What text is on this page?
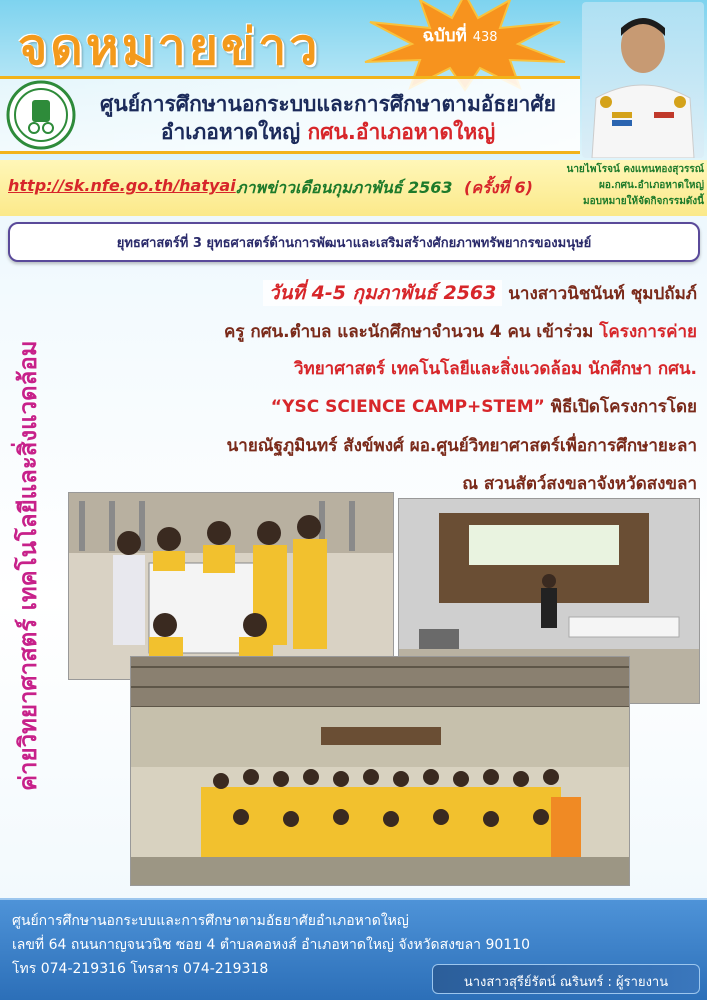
จดหมายข่าว	ฉบับที่ 438
ศูนย์การศึกษานอกระบบและการศึกษาตามอัธยาศัย
อำเภอหาดใหญ่ กศน.อำเภอหาดใหญ่
http://sk.nfe.go.th/hatyai ภาพข่าวเดือนกุมภาพันธ์ 2563 (ครั้งที่ 6)
นายไพโรจน์ คงแทนทองสุวรรณ์
ผอ.กศน.อำเภอหาดใหญ่
มอบหมายให้จัดกิจกรรมดังนี้
ยุทธศาสตร์ที่ 3 ยุทธศาสตร์ด้านการพัฒนาและเสริมสร้างศักยภาพทรัพยากรของมนุษย์
ค่ายวิทยาศาสตร์ เทคโนโลยีและสิ่งแวดล้อม
วันที่ 4-5 กุมภาพันธ์ 2563 นางสาวนิชนันท์ ชุมปถัมภ์
ครู กศน.ตำบล และนักศึกษาจำนวน 4 คน เข้าร่วม โครงการค่าย
วิทยาศาสตร์ เทคโนโลยีและสิ่งแวดล้อม นักศึกษา กศน.
“YSC SCIENCE CAMP+STEM” พิธีเปิดโครงการโดย
นายณัฐภูมินทร์ สังข์พงศ์ ผอ.ศูนย์วิทยาศาสตร์เพื่อการศึกษายะลา
ณ สวนสัตว์สงขลาจังหวัดสงขลา
ศูนย์การศึกษานอกระบบและการศึกษาตามอัธยาศัยอำเภอหาดใหญ่
เลขที่ 64 ถนนกาญจนวนิช ซอย 4 ตำบลคอหงส์ อำเภอหาดใหญ่ จังหวัดสงขลา 90110
โทร 074-219316 โทรสาร 074-219318
นางสาวสุรีย์รัตน์ ณรินทร์ : ผู้รายงาน
